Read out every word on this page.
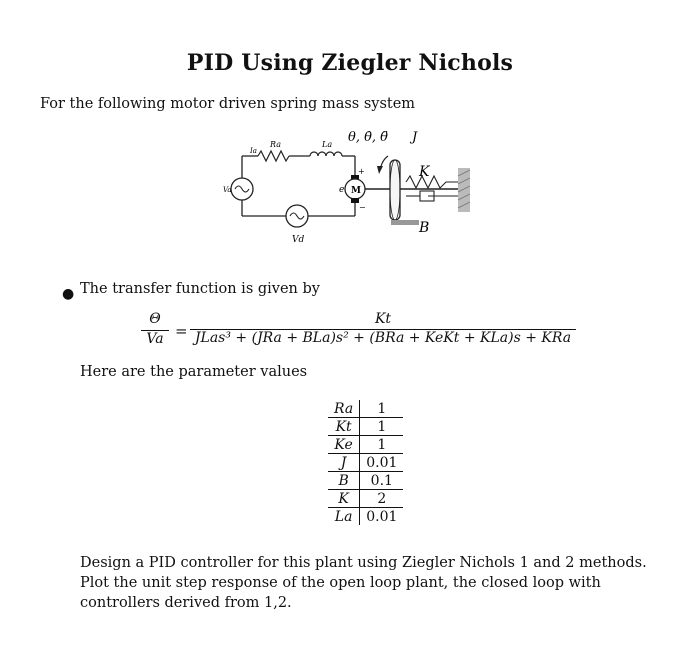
PID Using Ziegler Nichols
For the following motor driven spring mass system
M
+
−
e
Ia
Ra	La θ, θ̇, θ̈ J
K
B
Va
Vd
● The transfer function is given by
Θ
Va =
Kt
JLas³ + (JRa + BLa)s² + (BRa + KeKt + KLa)s + KRa
Here are the parameter values
Ra	1
Kt	1
Ke	1
J	0.01
B	0.1
K	2
La	0.01
Design a PID controller for this plant using Ziegler Nichols 1 and 2 methods. Plot the unit step response of the open loop plant, the closed loop with controllers derived from 1,2.
